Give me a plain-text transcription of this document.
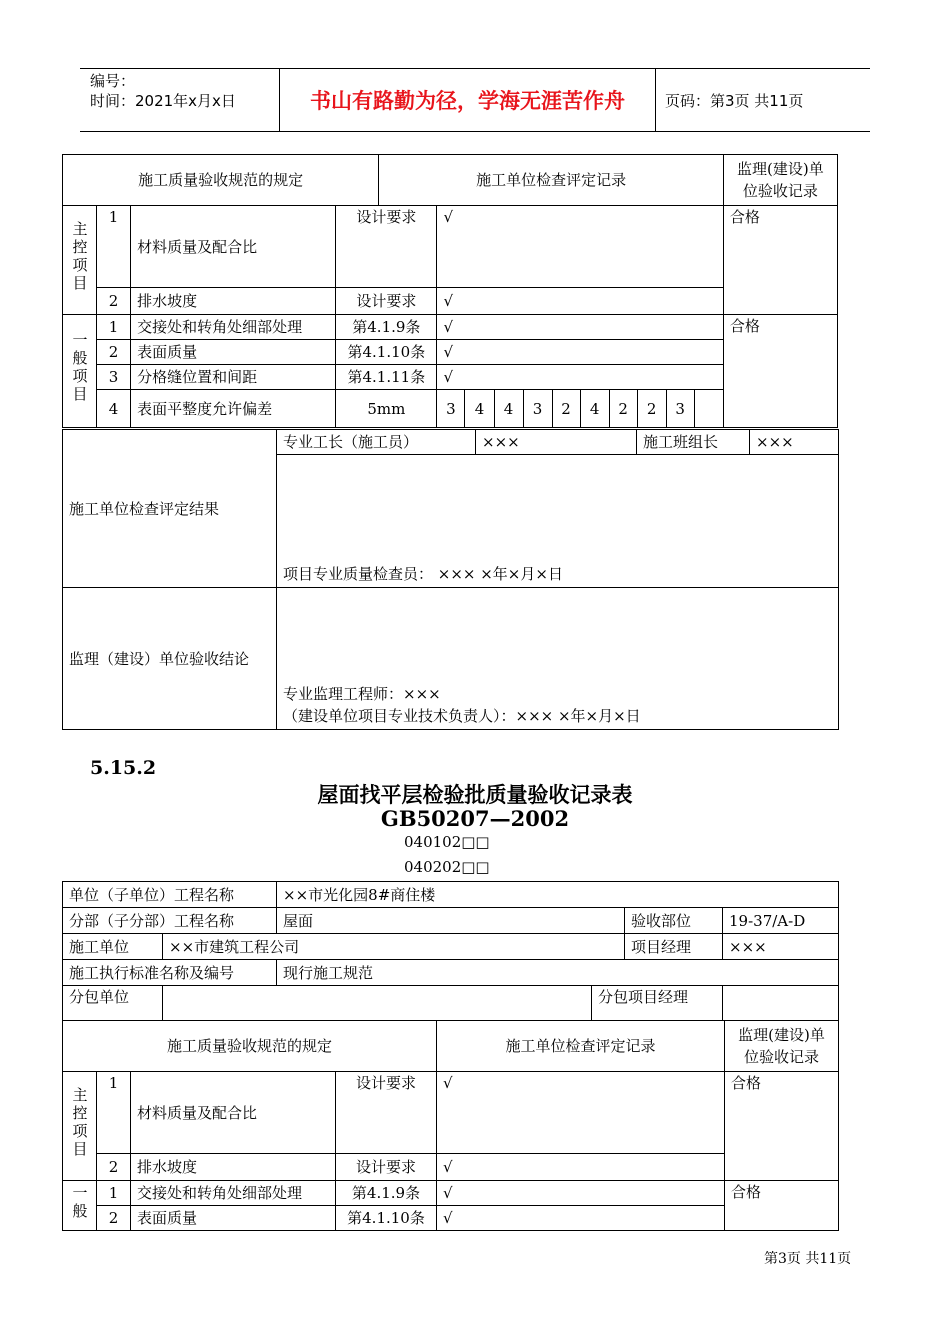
编号：
时间：2021年x月x日	书山有路勤为径，学海无涯苦作舟	页码：第3页 共11页
施工质量验收规范的规定				施工单位检查评定记录											监理(建设)单位验收记录
主控项目	1	材料质量及配合比	设计要求		√										合格
	2	排水坡度	设计要求		√										
一般项目	1	交接处和转角处细部处理	第4.1.9条		√										合格
	2	表面质量	第4.1.10条		√										
	3	分格缝位置和间距	第4.1.11条		√										
	4	表面平整度允许偏差	5mm		3	4	4	3	2	4	2	2	3		
施工单位检查评定结果	专业工长（施工员）	×××	施工班组长	×××
	项目专业质量检查员： ××× ×年×月×日			
监理（建设）单位验收结论	专业监理工程师：×××
（建设单位项目专业技术负责人）：××× ×年×月×日			
5.15.2
屋面找平层检验批质量验收记录表
GB50207—2002
040102□□
040202□□
单位（子单位）工程名称		××市光化园8#商住楼			
分部（子分部）工程名称		屋面		验收部位	19-37/A-D
施工单位	××市建筑工程公司			项目经理	×××
施工执行标准名称及编号		现行施工规范			
分包单位			分包项目经理		
施工质量验收规范的规定				施工单位检查评定记录	监理(建设)单位验收记录
主控项目	1	材料质量及配合比	设计要求	√	合格
	2	排水坡度	设计要求	√	
一般	1	交接处和转角处细部处理	第4.1.9条	√	合格
	2	表面质量	第4.1.10条	√	
第3页 共11页
